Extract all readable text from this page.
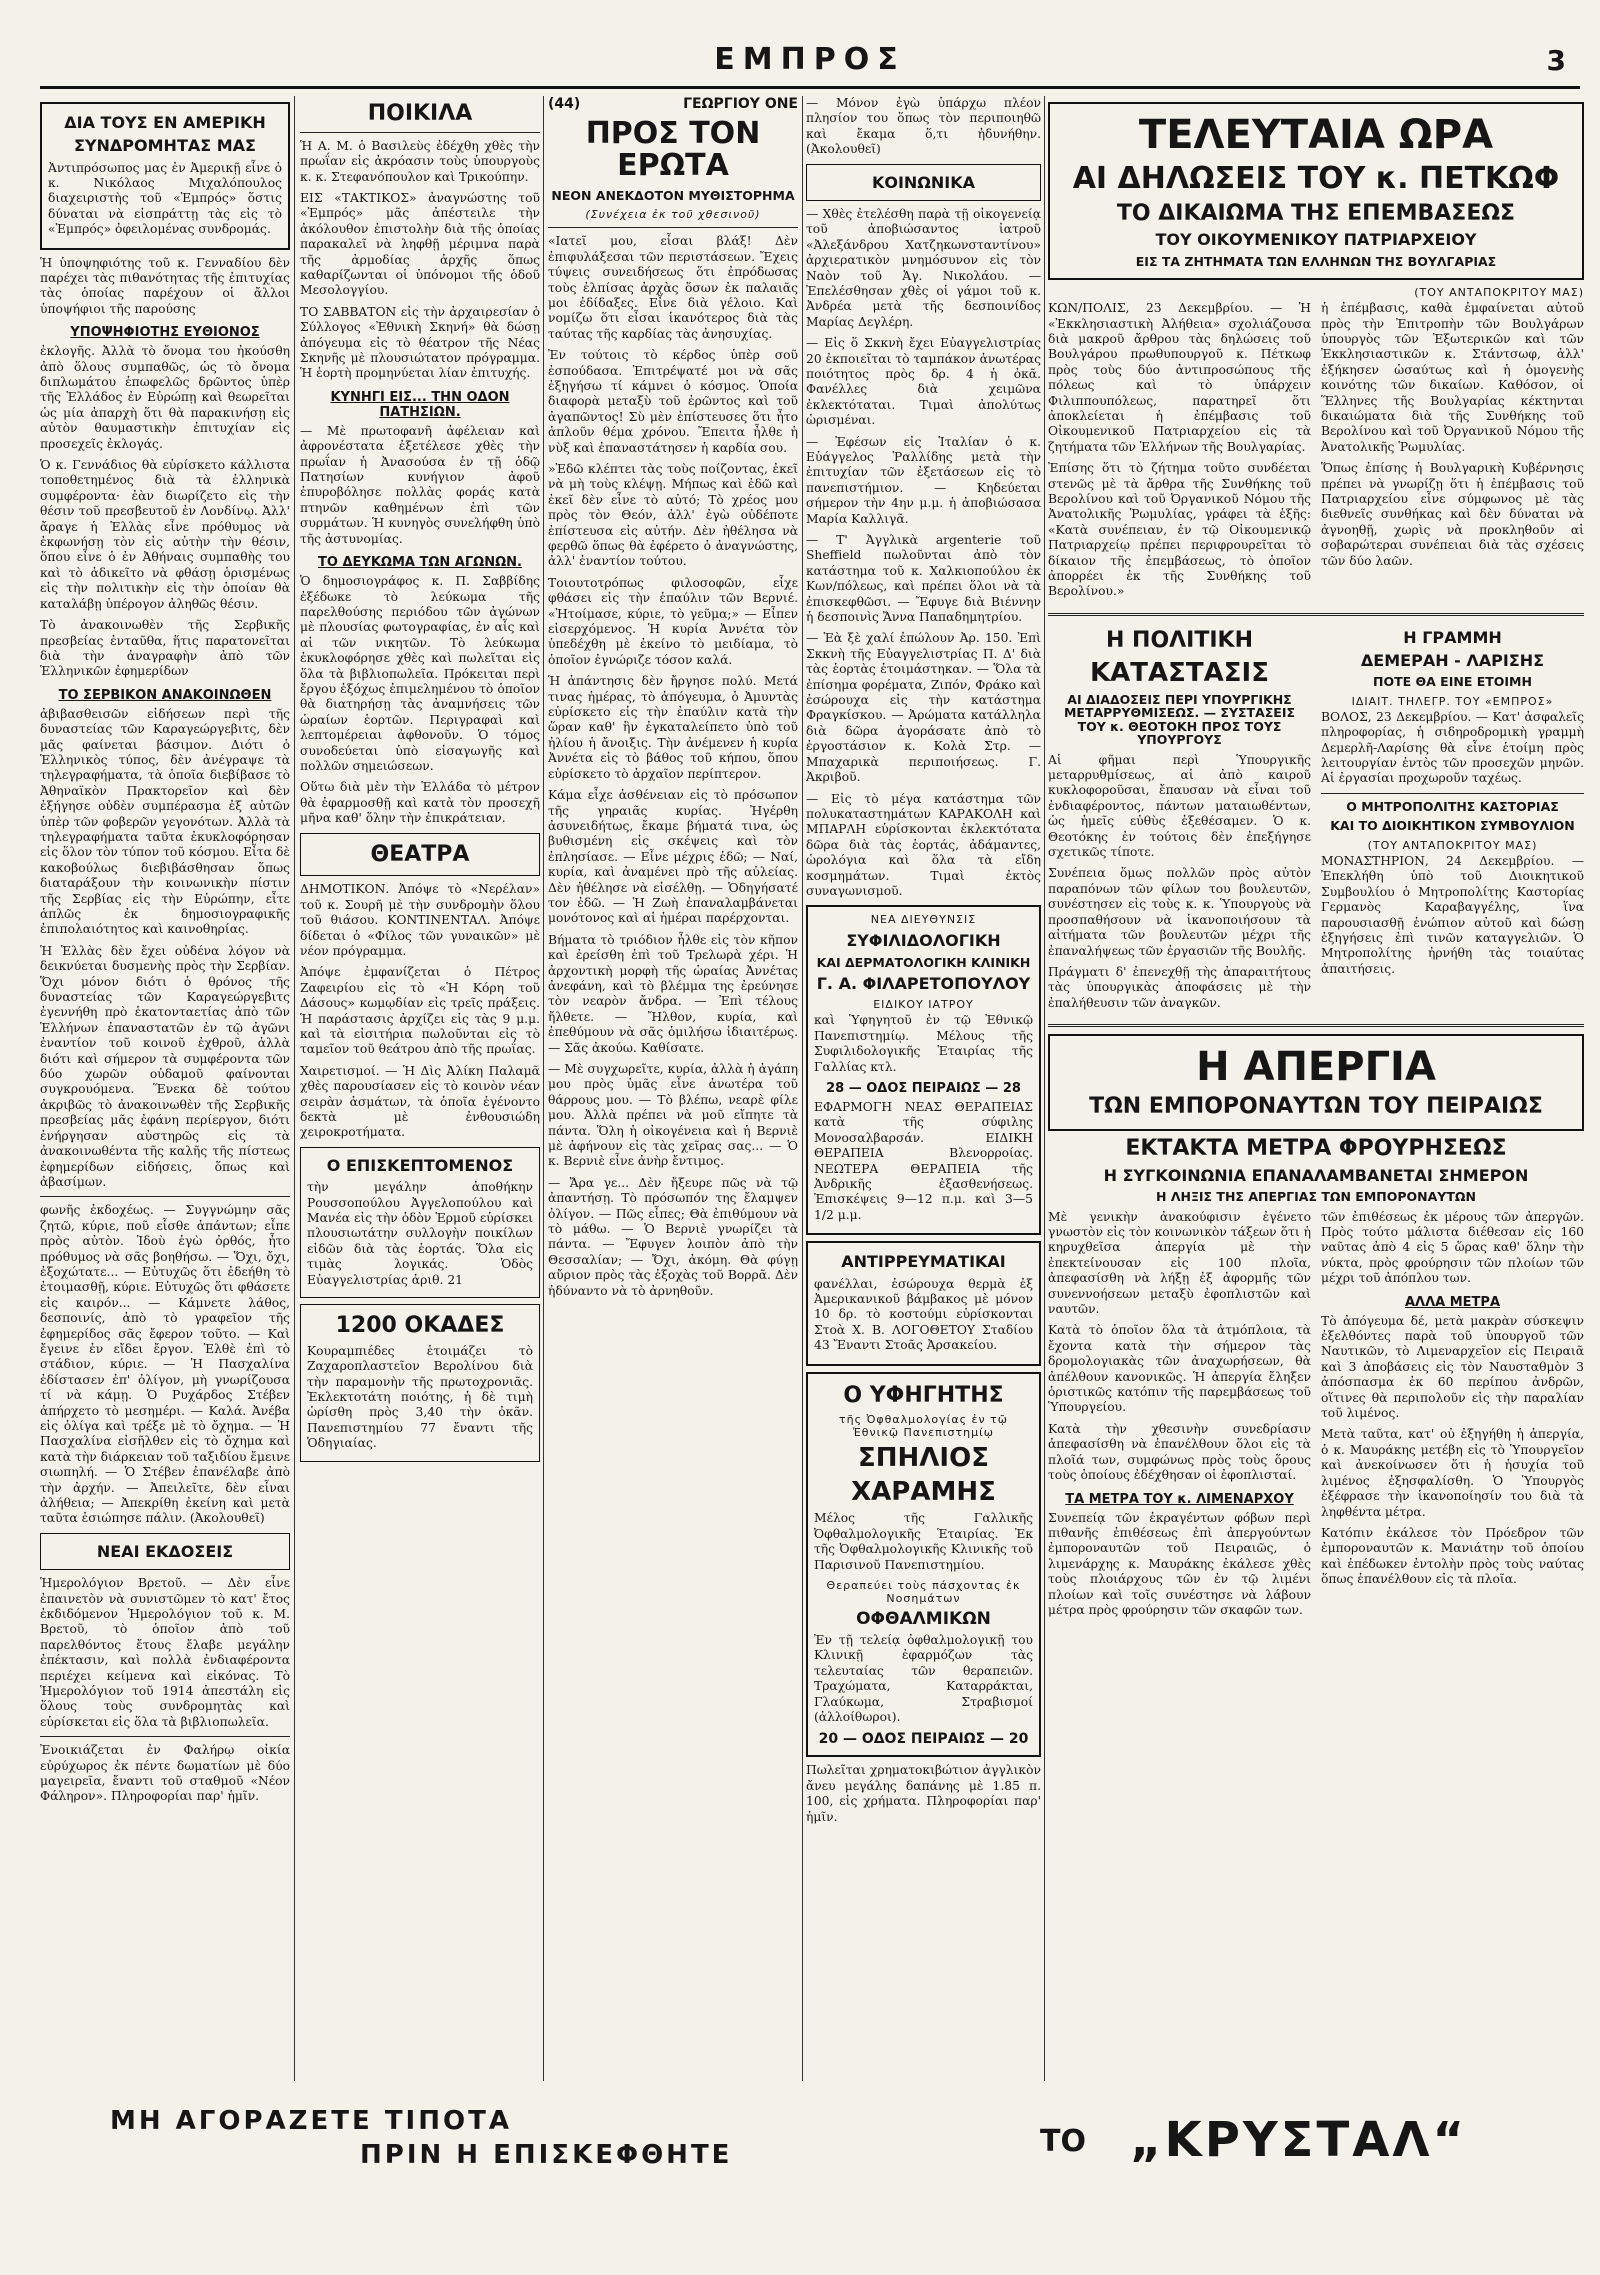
ΕΜΠΡΟΣ	3
ΔΙΑ ΤΟΥΣ ΕΝ ΑΜΕΡΙΚΗ
ΣΥΝΔΡΟΜΗΤΑΣ ΜΑΣ

Ἀντιπρόσωπος μας ἐν Ἀμερικῇ εἶνε ὁ κ. Νικόλαος Μιχαλόπουλος διαχειριστὴς τοῦ «Ἐμπρός» ὅστις δύναται νὰ εἰσπράττῃ τὰς εἰς τὸ «Ἐμπρός» ὀφειλομένας συνδρομάς.

Ἡ ὑποψηφιότης τοῦ κ. Γενναδίου δὲν παρέχει τὰς πιθανότητας τῆς ἐπιτυχίας τὰς ὁποίας παρέχουν οἱ ἄλλοι ὑποψήφιοι τῆς παρούσης

ΥΠΟΨΗΦΙΟΤΗΣ ΕΥΘΙΟΝΟΣ

ἐκλογῆς. Ἀλλὰ τὸ ὄνομα του ἠκούσθη ἀπὸ ὅλους συμπαθῶς, ὡς τὸ ὄνομα διπλωμάτου ἐπωφελῶς δρῶντος ὑπὲρ τῆς Ἑλλάδος ἐν Εὐρώπῃ καὶ θεωρεῖται ὡς μία ἀπαρχὴ ὅτι θὰ παρακινήσῃ εἰς αὐτὸν θαυμαστικὴν ἐπιτυχίαν εἰς προσεχεῖς ἐκλογάς.

Ὁ κ. Γεννάδιος θὰ εὑρίσκετο κάλλιστα τοποθετημένος διὰ τὰ ἑλληνικὰ συμφέροντα· ἐὰν διωρίζετο εἰς τὴν θέσιν τοῦ πρεσβευτοῦ ἐν Λονδίνῳ. Ἀλλ' ἄραγε ἡ Ἑλλὰς εἶνε πρόθυμος νὰ ἐκφωνήσῃ τὸν εἰς αὐτὴν τὴν θέσιν, ὅπου εἶνε ὁ ἐν Ἀθήναις συμπαθὴς του καὶ τὸ ἀδικεῖτο νὰ φθάσῃ ὁρισμένως εἰς τὴν πολιτικὴν εἰς τὴν ὁποίαν θὰ καταλάβῃ ὑπέρογον ἀληθῶς θέσιν.

Τὸ ἀνακοινωθὲν τῆς Σερβικῆς πρεσβείας ἐνταῦθα, ἥτις παρατονεῖται διὰ τὴν ἀναγραφὴν ἀπὸ τῶν Ἑλληνικῶν ἐφημερίδων

ΤΟ ΣΕΡΒΙΚΟΝ ΑΝΑΚΟΙΝΩΘΕΝ

ἀβιβασθεισῶν εἰδήσεων περὶ τῆς δυναστείας τῶν Καραγεώργεβιτς, δὲν μᾶς φαίνεται βάσιμον. Διότι ὁ Ἑλληνικὸς τύπος, δὲν ἀνέγραψε τὰ τηλεγραφήματα, τὰ ὁποῖα διεβίβασε τὸ Ἀθηναϊκὸν Πρακτορεῖον καὶ δὲν ἐξήγησε οὐδὲν συμπέρασμα ἐξ αὐτῶν ὑπὲρ τῶν φοβερῶν γεγονότων. Ἀλλὰ τὰ τηλεγραφήματα ταῦτα ἐκυκλοφόρησαν εἰς ὅλον τὸν τύπον τοῦ κόσμου. Εἶτα δὲ κακοβούλως διεβιβάσθησαν ὅπως διαταράξουν τὴν κοινωνικὴν πίστιν τῆς Σερβίας εἰς τὴν Εὐρώπην, εἶτε ἁπλῶς ἐκ δημοσιογραφικῆς ἐπιπολαιότητος καὶ καινοθηρίας.

Ἡ Ἑλλὰς δὲν ἔχει οὐδένα λόγον νὰ δεικνύεται δυσμενὴς πρὸς τὴν Σερβίαν. Ὅχι μόνον διότι ὁ θρόνος τῆς δυναστείας τῶν Καραγεώργεβιτς ἐγεννήθη πρὸ ἑκατονταετίας ἀπὸ τῶν Ἑλλήνων ἐπαναστατῶν ἐν τῷ ἀγῶνι ἐναντίον τοῦ κοινοῦ ἐχθροῦ, ἀλλὰ διότι καὶ σήμερον τὰ συμφέροντα τῶν δύο χωρῶν οὐδαμοῦ φαίνονται συγκρουόμενα. Ἕνεκα δὲ τούτου ἀκριβῶς τὸ ἀνακοινωθὲν τῆς Σερβικῆς πρεσβείας μᾶς ἐφάνη περίεργον, διότι ἐνήργησαν αὐστηρῶς εἰς τὰ ἀνακοινωθέντα τῆς καλῆς τῆς πίστεως ἐφημερίδων εἰδήσεις, ὅπως καὶ ἀβασίμων.

φωνῆς ἐκδοχέως. — Συγγνώμην σᾶς ζητῶ, κύριε, ποῦ εἶσθε ἀπάντων; εἶπε πρὸς αὐτὸν. Ἰδοὺ ἐγὼ ὀρθός, ἦτο πρόθυμος νὰ σᾶς βοηθήσω. — Ὅχι, ὄχι, ἐξοχώτατε... — Εὐτυχῶς ὅτι ἐδεήθη τὸ ἐτοιμασθῇ, κύριε. Εὐτυχῶς ὅτι φθάσετε εἰς καιρόν... — Κάμνετε λάθος, δεσποινίς, ἀπὸ τὸ γραφεῖον τῆς ἐφημερίδος σᾶς ἔφερον τοῦτο. — Καὶ ἔγεινε ἐν εἴδει ἔργον. Ἐλθὲ ἐπὶ τὸ στάδιον, κύριε. — Ἡ Πασχαλίνα ἐδίστασεν ἐπ' ὀλίγον, μὴ γνωρίζουσα τί νὰ κάμῃ. Ὁ Ρυχάρδος Στέβεν ἀπήρχετο τὸ μεσημέρι. — Καλά. Ἀνέβα εἰς ὀλίγα καὶ τρέξε μὲ τὸ ὄχημα. — Ἡ Πασχαλίνα εἰσῆλθεν εἰς τὸ ὄχημα καὶ κατὰ τὴν διάρκειαν τοῦ ταξιδίου ἔμεινε σιωπηλή. — Ὁ Στέβεν ἐπανέλαβε ἀπὸ τὴν ἀρχήν. — Ἀπειλεῖτε, δὲν εἶναι ἀλήθεια; — Ἀπεκρίθη ἐκείνη καὶ μετὰ ταῦτα ἐσιώπησε πάλιν. (Ἀκολουθεῖ)

ΝΕΑΙ ΕΚΔΟΣΕΙΣ

Ἡμερολόγιον Βρετοῦ. — Δὲν εἶνε ἐπαινετὸν νὰ συνιστῶμεν τὸ κατ' ἔτος ἐκδιδόμενον Ἡμερολόγιον τοῦ κ. Μ. Βρετοῦ, τὸ ὁποῖον ἀπὸ τοῦ παρελθόντος ἔτους ἔλαβε μεγάλην ἐπέκτασιν, καὶ πολλὰ ἐνδιαφέροντα περιέχει κείμενα καὶ εἰκόνας. Τὸ Ἡμερολόγιον τοῦ 1914 ἀπεστάλη εἰς ὅλους τοὺς συνδρομητὰς καὶ εὑρίσκεται εἰς ὅλα τὰ βιβλιοπωλεῖα.

Ἐνοικιάζεται ἐν Φαλήρῳ οἰκία εὐρύχωρος ἐκ πέντε δωματίων μὲ δύο μαγειρεῖα, ἔναντι τοῦ σταθμοῦ «Νέον Φάληρον». Πληροφορίαι παρ' ἡμῖν.

ΠΟΙΚΙΛΑ

Ἡ Α. Μ. ὁ Βασιλεὺς ἐδέχθη χθὲς τὴν πρωΐαν εἰς ἀκρόασιν τοὺς ὑπουργοὺς κ. κ. Στεφανόπουλον καὶ Τρικούπην.

ΕΙΣ «ΤΑΚΤΙΚΟΣ» ἀναγνώστης τοῦ «Ἐμπρός» μᾶς ἀπέστειλε τὴν ἀκόλουθον ἐπιστολὴν διὰ τῆς ὁποίας παρακαλεῖ νὰ ληφθῇ μέριμνα παρὰ τῆς ἀρμοδίας ἀρχῆς ὅπως καθαρίζωνται οἱ ὑπόνομοι τῆς ὁδοῦ Μεσολογγίου.

ΤΟ ΣΑΒΒΑΤΟΝ εἰς τὴν ἀρχαιρεσίαν ὁ Σύλλογος «Ἐθνικὴ Σκηνή» θὰ δώσῃ ἀπόγευμα εἰς τὸ θέατρον τῆς Νέας Σκηνῆς μὲ πλουσιώτατον πρόγραμμα. Ἡ ἑορτὴ προμηνύεται λίαν ἐπιτυχής.

ΚΥΝΗΓΙ ΕΙΣ... ΤΗΝ ΟΔΟΝ ΠΑΤΗΣΙΩΝ.

— Μὲ πρωτοφανῆ ἀφέλειαν καὶ ἀφρονέστατα ἐξετέλεσε χθὲς τὴν πρωΐαν ἡ Ἀνασούσα ἐν τῇ ὁδῷ Πατησίων κυνήγιον ἀφοῦ ἐπυροβόλησε πολλὰς φοράς κατὰ πτηνῶν καθημένων ἐπὶ τῶν συρμάτων. Ἡ κυνηγὸς συνελήφθη ὑπὸ τῆς ἀστυνομίας.

ΤΟ ΔΕΥΚΩΜΑ ΤΩΝ ΑΓΩΝΩΝ.

Ὁ δημοσιογράφος κ. Π. Σαββίδης ἐξέδωκε τὸ λεύκωμα τῆς παρελθούσης περιόδου τῶν ἀγώνων μὲ πλουσίας φωτογραφίας, ἐν αἷς καὶ αἱ τῶν νικητῶν. Τὸ λεύκωμα ἐκυκλοφόρησε χθὲς καὶ πωλεῖται εἰς ὅλα τὰ βιβλιοπωλεῖα. Πρόκειται περὶ ἔργου ἐξόχως ἐπιμελημένου τὸ ὁποῖον θὰ διατηρήσῃ τὰς ἀναμνήσεις τῶν ὡραίων ἑορτῶν. Περιγραφαὶ καὶ λεπτομέρειαι ἀφθονοῦν. Ὁ τόμος συνοδεύεται ὑπὸ εἰσαγωγῆς καὶ πολλῶν σημειώσεων.

Οὕτω διὰ μὲν τὴν Ἑλλάδα τὸ μέτρον θὰ ἐφαρμοσθῇ καὶ κατὰ τὸν προσεχῆ μῆνα καθ' ὅλην τὴν ἐπικράτειαν.

ΘΕΑΤΡΑ

ΔΗΜΟΤΙΚΟΝ. Ἀπόψε τὸ «Νερέλαν» τοῦ κ. Σουρῆ μὲ τὴν συνδρομὴν ὅλου τοῦ θιάσου. ΚΟΝΤΙΝΕΝΤΑΛ. Ἀπόψε δίδεται ὁ «Φίλος τῶν γυναικῶν» μὲ νέον πρόγραμμα.

Ἀπόψε ἐμφανίζεται ὁ Πέτρος Ζαφειρίου εἰς τὸ «Ἡ Κόρη τοῦ Δάσους» κωμῳδίαν εἰς τρεῖς πράξεις. Ἡ παράστασις ἀρχίζει εἰς τὰς 9 μ.μ. καὶ τὰ εἰσιτήρια πωλοῦνται εἰς τὸ ταμεῖον τοῦ θεάτρου ἀπὸ τῆς πρωΐας.

Χαιρετισμοί. — Ἡ Δὶς Ἀλίκη Παλαμᾶ χθὲς παρουσίασεν εἰς τὸ κοινὸν νέαν σειρὰν ἀσμάτων, τὰ ὁποῖα ἐγένοντο δεκτὰ μὲ ἐνθουσιώδη χειροκροτήματα.

Ο ΕΠΙΣΚΕΠΤΟΜΕΝΟΣ

τὴν μεγάλην ἀποθήκην Ρουσσοπούλου Ἀγγελοπούλου καὶ Μανέα εἰς τὴν ὁδὸν Ἑρμοῦ εὑρίσκει πλουσιωτάτην συλλογὴν ποικίλων εἰδῶν διὰ τὰς ἑορτάς. Ὅλα εἰς τιμὰς λογικάς. Ὁδὸς Εὐαγγελιστρίας ἀριθ. 21

1200 ΟΚΑΔΕΣ

Κουραμπιέδες ἑτοιμάζει τὸ Ζαχαροπλαστεῖον Βερολίνου διὰ τὴν παραμονὴν τῆς πρωτοχρονιᾶς. Ἐκλεκτοτάτη ποιότης, ἡ δὲ τιμὴ ὡρίσθη πρὸς 3,40 τὴν ὀκᾶν. Πανεπιστημίου 77 ἔναντι τῆς Ὁδηγιαίας.

(44)	ΓΕΩΡΓΙΟΥ ΟΝΕ
ΠΡΟΣ ΤΟΝ ΕΡΩΤΑ
ΝΕΟΝ ΑΝΕΚΔΟΤΟΝ ΜΥΘΙΣΤΟΡΗΜΑ
(Συνέχεια ἐκ τοῦ χθεσινοῦ)

«Ιατεῖ μου, εἶσαι βλάξ! Δὲν ἐπιφυλάξεσαι τῶν περιστάσεων. Ἔχεις τύψεις συνειδήσεως ὅτι ἐπρόδωσας τοὺς ἐλπίσας ἀρχὰς ὅσων ἐκ παλαιᾶς μοι ἐδίδαξες. Εἶνε διὰ γέλοιο. Καὶ νομίζω ὅτι εἶσαι ἱκανότερος διὰ τὰς ταύτας τῆς καρδίας τὰς ἀνησυχίας.

Ἐν τούτοις τὸ κέρδος ὑπὲρ σοῦ ἐσπούδασα. Ἐπιτρέψατέ μοι νὰ σᾶς ἐξηγήσω τί κάμνει ὁ κόσμος. Ὁποία διαφορὰ μεταξὺ τοῦ ἐρῶντος καὶ τοῦ ἀγαπῶντος! Σὺ μὲν ἐπίστευσες ὅτι ἦτο ἁπλοῦν θέμα χρόνου. Ἔπειτα ἦλθε ἡ νὺξ καὶ ἐπαναστάτησεν ἡ καρδία σου.

»Ἐδῶ κλέπτει τὰς τοὺς ποίζοντας, ἐκεῖ νὰ μὴ τοὺς κλέψῃ. Μήπως καὶ ἐδῶ καὶ ἐκεῖ δὲν εἶνε τὸ αὐτό; Τὸ χρέος μου πρὸς τὸν Θεόν, ἀλλ' ἐγὼ οὐδέποτε ἐπίστευσα εἰς αὐτήν. Δὲν ἠθέλησα νὰ φερθῶ ὅπως θὰ ἐφέρετο ὁ ἀναγνώστης, ἀλλ' ἐναντίον τούτου.

Τοιουτοτρόπως φιλοσοφῶν, εἶχε φθάσει εἰς τὴν ἐπαύλιν τῶν Βερνιέ. «Ἠτοίμασε, κύριε, τὸ γεῦμα;» — Εἶπεν εἰσερχόμενος. Ἡ κυρία Ἀννέτα τὸν ὑπεδέχθη μὲ ἐκείνο τὸ μειδίαμα, τὸ ὁποῖον ἐγνώριζε τόσον καλά.

Ἡ ἀπάντησις δὲν ἤργησε πολύ. Μετά τινας ἡμέρας, τὸ ἀπόγευμα, ὁ Ἀμυντὰς εὑρίσκετο εἰς τὴν ἐπαύλιν κατὰ τὴν ὥραν καθ' ἣν ἐγκαταλείπετο ὑπὸ τοῦ ἠλίου ἡ ἄνοιξις. Τὴν ἀνέμενεν ἡ κυρία Ἀννέτα εἰς τὸ βάθος τοῦ κήπου, ὅπου εὑρίσκετο τὸ ἀρχαῖον περίπτερον.

Κάμα εἶχε ἀσθένειαν εἰς τὸ πρόσωπον τῆς γηραιᾶς κυρίας. Ἠγέρθη ἀσυνειδήτως, ἔκαμε βήματά τινα, ὡς βυθισμένη εἰς σκέψεις καὶ τὸν ἐπλησίασε. — Εἶνε μέχρις ἐδῶ; — Ναί, κυρία, καὶ ἀναμένει πρὸ τῆς αὐλείας. Δὲν ἠθέλησε νὰ εἰσέλθῃ. — Ὁδηγήσατέ τον ἐδῶ. — Ἡ Ζωὴ ἐπαναλαμβάνεται μονότονος καὶ αἱ ἡμέραι παρέρχονται.

Βήματα τὸ τριόδιον ἦλθε εἰς τὸν κῆπον καὶ ἐρείσθη ἐπὶ τοῦ Τρελωρὰ χέρι. Ἡ ἀρχοντικὴ μορφὴ τῆς ὡραίας Ἀννέτας ἀνεφάνη, καὶ τὸ βλέμμα της ἐρεύνησε τὸν νεαρὸν ἄνδρα. — Ἐπὶ τέλους ἤλθετε. — Ἤλθον, κυρία, καὶ ἐπεθύμουν νὰ σᾶς ὁμιλήσω ἰδιαιτέρως. — Σᾶς ἀκούω. Καθίσατε.

— Μὲ συγχωρεῖτε, κυρία, ἀλλὰ ἡ ἀγάπη μου πρὸς ὑμᾶς εἶνε ἀνωτέρα τοῦ θάρρους μου. — Τὸ βλέπω, νεαρὲ φίλε μου. Ἀλλὰ πρέπει νὰ μοῦ εἴπητε τὰ πάντα. Ὅλη ἡ οἰκογένεια καὶ ἡ Βερνιὲ μὲ ἀφήνουν εἰς τὰς χεῖρας σας... — Ὁ κ. Βερνιὲ εἶνε ἀνὴρ ἔντιμος.

— Ἄρα γε... Δὲν ἤξευρε πῶς νὰ τῷ ἀπαντήσῃ. Τὸ πρόσωπόν της ἔλαμψεν ὀλίγον. — Πῶς εἶπες; Θὰ ἐπιθύμουν νὰ τὸ μάθω. — Ὁ Βερνιὲ γνωρίζει τὰ πάντα. — Ἔφυγεν λοιπὸν ἀπὸ τὴν Θεσσαλίαν; — Ὄχι, ἀκόμη. Θὰ φύγῃ αὔριον πρὸς τὰς ἐξοχὰς τοῦ Βορρᾶ. Δὲν ἠδύναντο νὰ τὸ ἀρνηθοῦν.

— Μόνον ἐγὼ ὑπάρχω πλέον πλησίον του ὅπως τὸν περιποιηθῶ καὶ ἔκαμα ὅ,τι ἠδυνήθην. (Ἀκολουθεῖ)

ΚΟΙΝΩΝΙΚΑ

— Χθὲς ἐτελέσθη παρὰ τῇ οἰκογενείᾳ τοῦ ἀποβιώσαντος ἰατροῦ «Ἀλεξάνδρου Χατζηκωνσταντίνου» ἀρχιερατικὸν μνημόσυνον εἰς τὸν Ναὸν τοῦ Ἁγ. Νικολάου. — Ἐπελέσθησαν χθὲς οἱ γάμοι τοῦ κ. Ἀνδρέα μετὰ τῆς δεσποινίδος Μαρίας Δεγλέρη.

— Εἰς ὅ Σκκνὴ ἔχει Εὐαγγελιστρίας 20 ἐκποιεῖται τὸ ταμπάκον ἀνωτέρας ποιότητος πρὸς δρ. 4 ἡ ὀκᾶ. Φανέλλες διὰ χειμῶνα ἐκλεκτόταται. Τιμαὶ ἀπολύτως ὡρισμέναι.

— Ἐφέσων εἰς Ἱταλίαν ὁ κ. Εὐάγγελος Ῥαλλίδης μετὰ τὴν ἐπιτυχίαν τῶν ἐξετάσεων εἰς τὸ πανεπιστήμιον. — Κηδεύεται σήμερον τὴν 4ην μ.μ. ἡ ἀποβιώσασα Μαρία Καλλιγᾶ.

— Τ' Ἀγγλικὰ argenterie τοῦ Sheffield πωλοῦνται ἀπὸ τὸν κατάστημα τοῦ κ. Χαλκιοπούλου ἐκ Κων/πόλεως, καὶ πρέπει ὅλοι νὰ τὰ ἐπισκεφθῶσι. — Ἔφυγε διὰ Βιέννην ἡ δεσποινὶς Ἄννα Παπαδημητρίου.

— Ἑὰ ξὲ χαλί ἐπώλουν Ἀρ. 150. Ἐπὶ Σκκνὴ τῆς Εὐαγγελιστρίας Π. Δ' διὰ τὰς ἑορτὰς ἐτοιμάστηκαν. — Ὅλα τὰ ἐπίσημα φορέματα, Ζιπόν, Φράκο καὶ ἐσώρουχα εἰς τὴν κατάστημα Φραγκίσκου. — Ἀρώματα κατάλληλα διὰ δῶρα ἀγοράσατε ἀπὸ τὸ ἐργοστάσιον κ. Κολὰ Στρ. — Μπαχαρικὰ περιποιήσεως. Γ. Ἀκριβοῦ.

— Εἰς τὸ μέγα κατάστημα τῶν πολυκαταστημάτων ΚΑΡΑΚΟΛΗ καὶ ΜΠΑΡΛΗ εὑρίσκονται ἐκλεκτότατα δῶρα διὰ τὰς ἑορτάς, ἀδάμαντες, ὡρολόγια καὶ ὅλα τὰ εἴδη κοσμημάτων. Τιμαὶ ἐκτὸς συναγωνισμοῦ.

ΝΕΑ ΔΙΕΥΘΥΝΣΙΣ
ΣΥΦΙΛΙΔΟΛΟΓΙΚΗ
ΚΑΙ ΔΕΡΜΑΤΟΛΟΓΙΚΗ ΚΛΙΝΙΚΗ
Γ. Α. ΦΙΛΑΡΕΤΟΠΟΥΛΟΥ
ΕΙΔΙΚΟΥ ΙΑΤΡΟΥ

καὶ Ὑφηγητοῦ ἐν τῷ Ἐθνικῷ Πανεπιστημίῳ. Μέλους τῆς Συφιλιδολογικῆς Ἑταιρίας τῆς Γαλλίας κτλ.

28 — ΟΔΟΣ ΠΕΙΡΑΙΩΣ — 28

ΕΦΑΡΜΟΓΗ ΝΕΑΣ ΘΕΡΑΠΕΙΑΣ κατὰ τῆς σύφιλης Μονοσαλβαρσάν. ΕΙΔΙΚΗ ΘΕΡΑΠΕΙΑ Βλενορροίας. ΝΕΩΤΕΡΑ ΘΕΡΑΠΕΙΑ τῆς Ἀνδρικῆς ἐξασθενήσεως. Ἐπισκέψεις 9—12 π.μ. καὶ 3—5 1/2 μ.μ.

ΑΝΤΙΡΡΕΥΜΑΤΙΚΑΙ

φανέλλαι, ἐσώρουχα θερμὰ ἐξ Ἀμερικανικοῦ βάμβακος μὲ μόνον 10 δρ. τὸ κοστούμι εὑρίσκονται Στοὰ Χ. Β. ΛΟΓΟΘΕΤΟΥ Σταδίου 43 Ἔναντι Στοᾶς Ἀρσακείου.

Ο ΥΦΗΓΗΤΗΣ
τῆς Ὀφθαλμολογίας ἐν τῷ Ἐθνικῷ Πανεπιστημίῳ
ΣΠΗΛΙΟΣ
ΧΑΡΑΜΗΣ

Μέλος τῆς Γαλλικῆς Ὀφθαλμολογικῆς Ἑταιρίας. Ἐκ τῆς Ὀφθαλμολογικῆς Κλινικῆς τοῦ Παρισινοῦ Πανεπιστημίου.

Θεραπεύει τοὺς πάσχοντας ἐκ Νοσημάτων
ΟΦΘΑΛΜΙΚΩΝ

Ἐν τῇ τελείᾳ ὀφθαλμολογικῇ του Κλινικῇ ἐφαρμόζων τὰς τελευταίας τῶν θεραπειῶν. Τραχώματα, Καταρράκται, Γλαύκωμα, Στραβισμοί (ἀλλοίθωροι).

20 — ΟΔΟΣ ΠΕΙΡΑΙΩΣ — 20

Πωλεῖται χρηματοκιβώτιον ἀγγλικὸν ἄνευ μεγάλης δαπάνης μὲ 1.85 π. 100, εἰς χρήματα. Πληροφορίαι παρ' ἡμῖν.

ΤΕΛΕΥΤΑΙΑ ΩΡΑ
ΑΙ ΔΗΛΩΣΕΙΣ ΤΟΥ κ. ΠΕΤΚΩΦ
ΤΟ ΔΙΚΑΙΩΜΑ ΤΗΣ ΕΠΕΜΒΑΣΕΩΣ
ΤΟΥ ΟΙΚΟΥΜΕΝΙΚΟΥ ΠΑΤΡΙΑΡΧΕΙΟΥ
ΕΙΣ ΤΑ ΖΗΤΗΜΑΤΑ ΤΩΝ ΕΛΛΗΝΩΝ ΤΗΣ ΒΟΥΛΓΑΡΙΑΣ
(ΤΟΥ ΑΝΤΑΠΟΚΡΙΤΟΥ ΜΑΣ)

ΚΩΝ/ΠΟΛΙΣ, 23 Δεκεμβρίου. — Ἡ «Ἐκκλησιαστικὴ Ἀλήθεια» σχολιάζουσα διὰ μακροῦ ἄρθρου τὰς δηλώσεις τοῦ Βουλγάρου πρωθυπουργοῦ κ. Πέτκωφ πρὸς τοὺς δύο ἀντιπροσώπους τῆς πόλεως καὶ τὸ ὑπάρχειν Φιλιππουπόλεως, παρατηρεῖ ὅτι ἀποκλείεται ἡ ἐπέμβασις τοῦ Οἰκουμενικοῦ Πατριαρχείου εἰς τὰ ζητήματα τῶν Ἑλλήνων τῆς Βουλγαρίας.

Ἐπίσης ὅτι τὸ ζήτημα τοῦτο συνδέεται στενῶς μὲ τὰ ἄρθρα τῆς Συνθήκης τοῦ Βερολίνου καὶ τοῦ Ὀργανικοῦ Νόμου τῆς Ἀνατολικῆς Ῥωμυλίας, γράφει τὰ ἑξῆς: «Κατὰ συνέπειαν, ἐν τῷ Οἰκουμενικῷ Πατριαρχείῳ πρέπει περιφρουρεῖται τὸ δίκαιον τῆς ἐπεμβάσεως, τὸ ὁποῖον ἀπορρέει ἐκ τῆς Συνθήκης τοῦ Βερολίνου.»

ἡ ἐπέμβασις, καθὰ ἐμφαίνεται αὐτοῦ πρὸς τὴν Ἐπιτροπὴν τῶν Βουλγάρων ὑπουργὸς τῶν Ἐξωτερικῶν καὶ τῶν Ἐκκλησιαστικῶν κ. Στάντσωφ, ἀλλ' ἐξήκησεν ὡσαύτως καὶ ἡ ὁμογενὴς κοινότης τῶν δικαίων. Καθόσον, οἱ Ἕλληνες τῆς Βουλγαρίας κέκτηνται δικαιώματα διὰ τῆς Συνθήκης τοῦ Βερολίνου καὶ τοῦ Ὀργανικοῦ Νόμου τῆς Ἀνατολικῆς Ῥωμυλίας.

Ὅπως ἐπίσης ἡ Βουλγαρικὴ Κυβέρνησις πρέπει νὰ γνωρίζῃ ὅτι ἡ ἐπέμβασις τοῦ Πατριαρχείου εἶνε σύμφωνος μὲ τὰς διεθνεῖς συνθήκας καὶ δὲν δύναται νὰ ἀγνοηθῇ, χωρὶς νὰ προκληθοῦν αἱ σοβαρώτεραι συνέπειαι διὰ τὰς σχέσεις τῶν δύο λαῶν.

Η ΠΟΛΙΤΙΚΗ
ΚΑΤΑΣΤΑΣΙΣ
ΑΙ ΔΙΑΔΟΣΕΙΣ ΠΕΡΙ ΥΠΟΥΡΓΙΚΗΣ ΜΕΤΑΡΡΥΘΜΙΣΕΩΣ. — ΣΥΣΤΑΣΕΙΣ ΤΟΥ κ. ΘΕΟΤΟΚΗ ΠΡΟΣ ΤΟΥΣ ΥΠΟΥΡΓΟΥΣ

Αἱ φῆμαι περὶ Ὑπουργικῆς μεταρρυθμίσεως, αἱ ἀπὸ καιροῦ κυκλοφοροῦσαι, ἔπαυσαν νὰ εἶναι τοῦ ἐνδιαφέροντος, πάντων ματαιωθέντων, ὡς ἡμεῖς εὐθὺς ἐξεθέσαμεν. Ὁ κ. Θεοτόκης ἐν τούτοις δὲν ἐπεξήγησε σχετικῶς τίποτε.

Συνέπεια ὅμως πολλῶν πρὸς αὐτὸν παραπόνων τῶν φίλων του βουλευτῶν, συνέστησεν εἰς τοὺς κ. κ. Ὑπουργοὺς νὰ προσπαθήσουν νὰ ἱκανοποιήσουν τὰ αἰτήματα τῶν βουλευτῶν μέχρι τῆς ἐπαναλήψεως τῶν ἐργασιῶν τῆς Βουλῆς.

Πράγματι δ' ἐπενεχθῇ τὴς ἀπαραιτήτους τὰς ὑπουργικὰς ἀποφάσεις μὲ τὴν ἐπαλήθευσιν τῶν ἀναγκῶν.

Η ΓΡΑΜΜΗ
ΔΕΜΕΡΑΗ - ΛΑΡΙΣΗΣ
ΠΟΤΕ ΘΑ ΕΙΝΕ ΕΤΟΙΜΗ
ΙΔΙΑΙΤ. ΤΗΛΕΓΡ. ΤΟΥ «ΕΜΠΡΟΣ»

ΒΟΛΟΣ, 23 Δεκεμβρίου. — Κατ' ἀσφαλεῖς πληροφορίας, ἡ σιδηροδρομικὴ γραμμὴ Δεμερλῆ-Λαρίσης θὰ εἶνε ἑτοίμη πρὸς λειτουργίαν ἐντὸς τῶν προσεχῶν μηνῶν. Αἱ ἐργασίαι προχωροῦν ταχέως.

Ο ΜΗΤΡΟΠΟΛΙΤΗΣ ΚΑΣΤΟΡΙΑΣ
ΚΑΙ ΤΟ ΔΙΟΙΚΗΤΙΚΟΝ ΣΥΜΒΟΥΛΙΟΝ
(ΤΟΥ ΑΝΤΑΠΟΚΡΙΤΟΥ ΜΑΣ)

ΜΟΝΑΣΤΗΡΙΟΝ, 24 Δεκεμβρίου. — Ἐπεκλήθη ὑπὸ τοῦ Διοικητικοῦ Συμβουλίου ὁ Μητροπολίτης Καστορίας Γερμανὸς Καραβαγγέλης, ἵνα παρουσιασθῇ ἐνώπιον αὐτοῦ καὶ δώσῃ ἐξηγήσεις ἐπὶ τινῶν καταγγελιῶν. Ὁ Μητροπολίτης ἠρνήθη τὰς τοιαύτας ἀπαιτήσεις.

Η ΑΠΕΡΓΙΑ
ΤΩΝ ΕΜΠΟΡΟΝΑΥΤΩΝ ΤΟΥ ΠΕΙΡΑΙΩΣ
ΕΚΤΑΚΤΑ ΜΕΤΡΑ ΦΡΟΥΡΗΣΕΩΣ
Η ΣΥΓΚΟΙΝΩΝΙΑ ΕΠΑΝΑΛΑΜΒΑΝΕΤΑΙ ΣΗΜΕΡΟΝ
Η ΛΗΞΙΣ ΤΗΣ ΑΠΕΡΓΙΑΣ ΤΩΝ ΕΜΠΟΡΟΝΑΥΤΩΝ

Μὲ γενικὴν ἀνακούφισιν ἐγένετο γνωστὸν εἰς τὸν κοινωνικὸν τάξεων ὅτι ἡ κηρυχθεῖσα ἀπεργία μὲ τὴν ἐπεκτείνουσαν εἰς 100 πλοῖα, ἀπεφασίσθη νὰ λήξῃ ἐξ ἀφορμῆς τῶν συνεννοήσεων μεταξὺ ἐφοπλιστῶν καὶ ναυτῶν.

Κατὰ τὸ ὁποῖον ὅλα τὰ ἀτμόπλοια, τὰ ἔχοντα κατὰ τὴν σήμερον τὰς δρομολογιακὰς τῶν ἀναχωρήσεων, θὰ ἀπέλθουν κανονικῶς. Ἡ ἀπεργία ἔληξεν ὁριστικῶς κατόπιν τῆς παρεμβάσεως τοῦ Ὑπουργείου.

Κατὰ τὴν χθεσινὴν συνεδρίασιν ἀπεφασίσθη νὰ ἐπανέλθουν ὅλοι εἰς τὰ πλοῖά των, συμφώνως πρὸς τοὺς ὅρους τοὺς ὁποίους ἐδέχθησαν οἱ ἐφοπλισταί.

ΤΑ ΜΕΤΡΑ ΤΟΥ κ. ΛΙΜΕΝΑΡΧΟΥ

Συνεπείᾳ τῶν ἐκραγέντων φόβων περὶ πιθανῆς ἐπιθέσεως ἐπὶ ἀπεργούντων ἐμποροναυτῶν τοῦ Πειραιῶς, ὁ λιμενάρχης κ. Μαυράκης ἐκάλεσε χθὲς τοὺς πλοιάρχους τῶν ἐν τῷ λιμένι πλοίων καὶ τοῖς συνέστησε νὰ λάβουν μέτρα πρὸς φρούρησιν τῶν σκαφῶν των.

τῶν ἐπιθέσεως ἐκ μέρους τῶν ἀπεργῶν. Πρὸς τούτο μάλιστα διέθεσαν εἰς 160 ναῦτας ἀπὸ 4 εἰς 5 ὥρας καθ' ὅλην τὴν νύκτα, πρὸς φρούρησιν τῶν πλοίων τῶν μέχρι τοῦ ἀπόπλου των.

ΑΛΛΑ ΜΕΤΡΑ

Τὸ ἀπόγευμα δέ, μετὰ μακρὰν σύσκεψιν ἐξελθόντες παρὰ τοῦ ὑπουργοῦ τῶν Ναυτικῶν, τὸ Λιμεναρχεῖον εἰς Πειραιᾶ καὶ 3 ἀποβάσεις εἰς τὸν Ναυσταθμὸν 3 ἀπόσπασμα ἐκ 60 περίπου ἀνδρῶν, οἵτινες θὰ περιπολοῦν εἰς τὴν παραλίαν τοῦ λιμένος.

Μετὰ ταῦτα, κατ' οὐ ἐξηγήθη ἡ ἀπεργία, ὁ κ. Μαυράκης μετέβη εἰς τὸ Ὑπουργεῖον καὶ ἀνεκοίνωσεν ὅτι ἡ ἡσυχία τοῦ λιμένος ἐξησφαλίσθη. Ὁ Ὑπουργὸς ἐξέφρασε τὴν ἱκανοποίησίν του διὰ τὰ ληφθέντα μέτρα.

Κατόπιν ἐκάλεσε τὸν Πρόεδρον τῶν ἐμποροναυτῶν κ. Μανιάτην τοῦ ὁποίου καὶ ἐπέδωκεν ἐντολὴν πρὸς τοὺς ναύτας ὅπως ἐπανέλθουν εἰς τὰ πλοῖα.

ΜΗ ΑΓΟΡΑΖΕΤΕ ΤΙΠΟΤΑ
ΠΡΙΝ Η ΕΠΙΣΚΕΦΘΗΤΕ	ΤΟ „ΚΡΥΣΤΑΛ“
